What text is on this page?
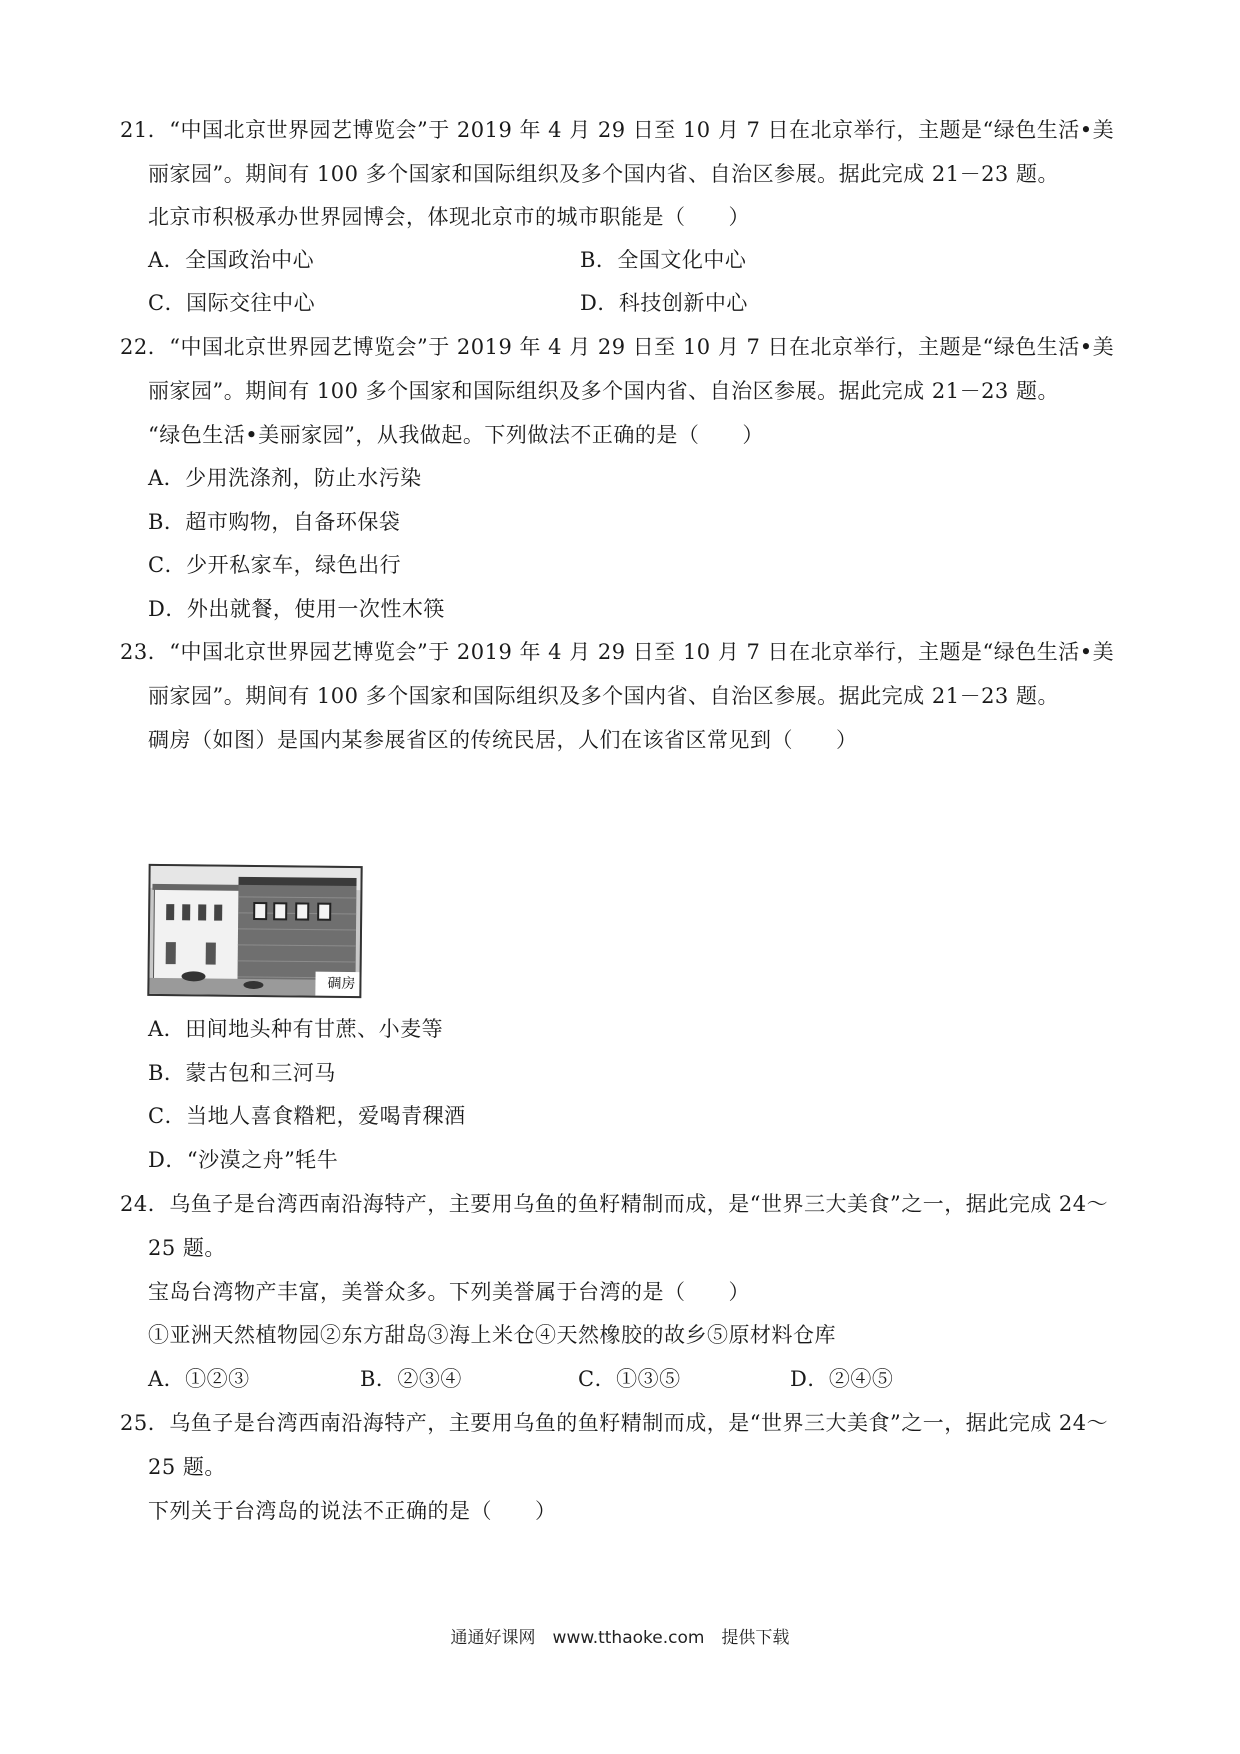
21．“中国北京世界园艺博览会”于 2019 年 4 月 29 日至 10 月 7 日在北京举行，主题是“绿色生活•美
丽家园”。期间有 100 多个国家和国际组织及多个国内省、自治区参展。据此完成 21－23 题。
北京市积极承办世界园博会，体现北京市的城市职能是（　　）
A．全国政治中心	B．全国文化中心
C．国际交往中心	D．科技创新中心
22．“中国北京世界园艺博览会”于 2019 年 4 月 29 日至 10 月 7 日在北京举行，主题是“绿色生活•美
丽家园”。期间有 100 多个国家和国际组织及多个国内省、自治区参展。据此完成 21－23 题。
“绿色生活•美丽家园”，从我做起。下列做法不正确的是（　　）
A．少用洗涤剂，防止水污染
B．超市购物，自备环保袋
C．少开私家车，绿色出行
D．外出就餐，使用一次性木筷
23．“中国北京世界园艺博览会”于 2019 年 4 月 29 日至 10 月 7 日在北京举行，主题是“绿色生活•美
丽家园”。期间有 100 多个国家和国际组织及多个国内省、自治区参展。据此完成 21－23 题。
碉房（如图）是国内某参展省区的传统民居，人们在该省区常见到（　　）
碉房
A．田间地头种有甘蔗、小麦等
B．蒙古包和三河马
C．当地人喜食糌粑，爱喝青稞酒
D．“沙漠之舟”牦牛
24．乌鱼子是台湾西南沿海特产，主要用乌鱼的鱼籽精制而成，是“世界三大美食”之一，据此完成 24～
25 题。
宝岛台湾物产丰富，美誉众多。下列美誉属于台湾的是（　　）
①亚洲天然植物园②东方甜岛③海上米仓④天然橡胶的故乡⑤原材料仓库
A．①②③	B．②③④	C．①③⑤	D．②④⑤
25．乌鱼子是台湾西南沿海特产，主要用乌鱼的鱼籽精制而成，是“世界三大美食”之一，据此完成 24～
25 题。
下列关于台湾岛的说法不正确的是（　　）
通通好课网　www.tthaoke.com　提供下载
